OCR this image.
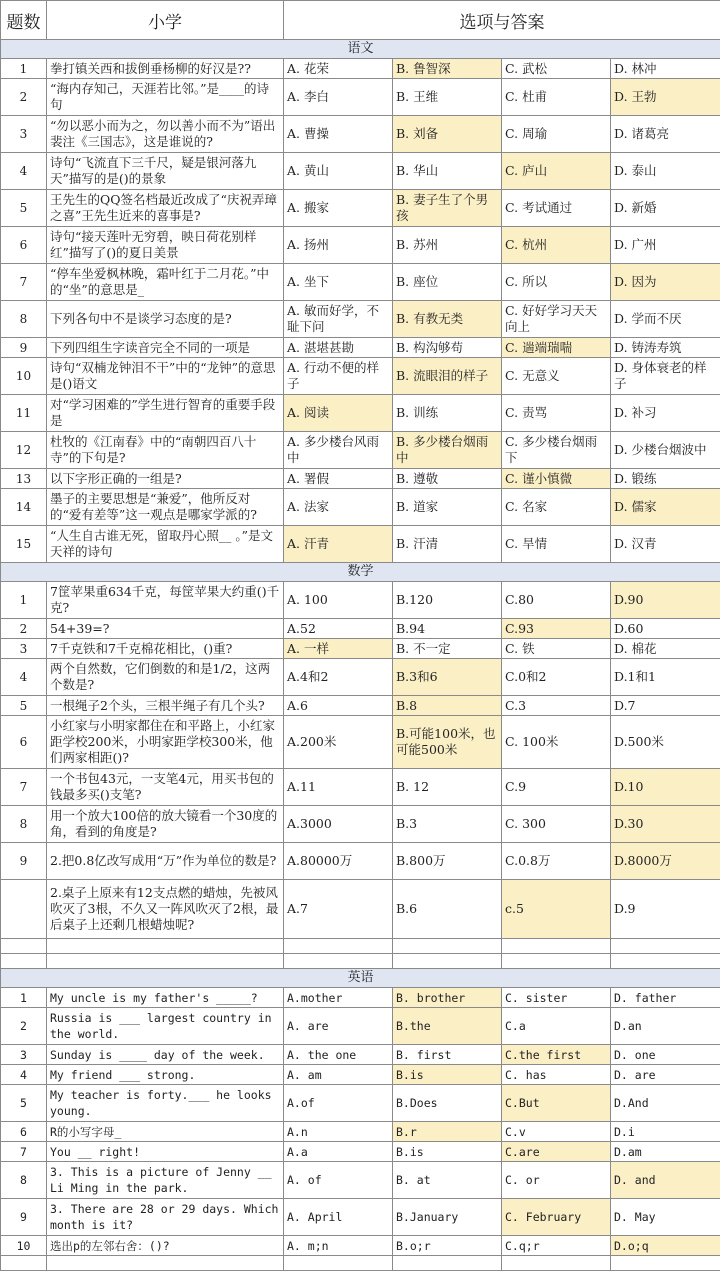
题数	小学	选项与答案			
语文					
1	拳打镇关西和拔倒垂杨柳的好汉是??	A. 花荣	B. 鲁智深	C. 武松	D. 林冲
2	“海内存知己，天涯若比邻。”是____的诗句	A. 李白	B. 王维	C. 杜甫	D. 王勃
3	“勿以恶小而为之，勿以善小而不为”语出裴注《三国志》，这是谁说的?	A. 曹操	B. 刘备	C. 周瑜	D. 诸葛亮
4	诗句“飞流直下三千尺，疑是银河落九天”描写的是()的景象	A. 黄山	B. 华山	C. 庐山	D. 泰山
5	王先生的QQ签名档最近改成了“庆祝弄璋之喜”王先生近来的喜事是?	A. 搬家	B. 妻子生了个男孩	C. 考试通过	D. 新婚
6	诗句“接天莲叶无穷碧，映日荷花别样红”描写了()的夏日美景	A. 扬州	B. 苏州	C. 杭州	D. 广州
7	“停车坐爱枫林晚，霜叶红于二月花。”中的“坐”的意思是_	A. 坐下	B. 座位	C. 所以	D. 因为
8	下列各句中不是谈学习态度的是?	A. 敏而好学，不耻下问	B. 有教无类	C. 好好学习天天向上	D. 学而不厌
9	下列四组生字读音完全不同的一项是	A. 湛堪甚勘	B. 构沟够苟	C. 遄端瑞喘	D. 铸涛寿筑
10	诗句“双楠龙钟泪不干”中的“龙钟”的意思是()语文	A. 行动不便的样子	B. 流眼泪的样子	C. 无意义	D. 身体衰老的样子
11	对“学习困难的”学生进行智育的重要手段是	A. 阅读	B. 训练	C. 责骂	D. 补习
12	杜牧的《江南春》中的“南朝四百八十寺”的下句是?	A. 多少楼台风雨中	B. 多少楼台烟雨中	C. 多少楼台烟雨下	D. 少楼台烟波中
13	以下字形正确的一组是?	A. 署假	B. 遵敬	C. 谨小慎微	D. 锻练
14	墨子的主要思想是“兼爱”，他所反对的“爱有差等”这一观点是哪家学派的?	A. 法家	B. 道家	C. 名家	D. 儒家
15	“人生自古谁无死，留取丹心照__ 。”是文天祥的诗句	A. 汗青	B. 汗清	C. 旱情	D. 汉青
数学					
1	7筐苹果重634千克，每筐苹果大约重()千克?	A. 100	B.120	C.80	D.90
2	54+39=?	A.52	B.94	C.93	D.60
3	7千克铁和7千克棉花相比，()重?	A. 一样	B. 不一定	C. 铁	D. 棉花
4	两个自然数，它们倒数的和是1/2，这两个数是?	A.4和2	B.3和6	C.0和2	D.1和1
5	一根绳子2个头，三根半绳子有几个头?	A.6	B.8	C.3	D.7
6	小红家与小明家都住在和平路上，小红家距学校200米，小明家距学校300米，他们两家相距()?	A.200米	B.可能100米，也可能500米	C. 100米	D.500米
7	一个书包43元，一支笔4元，用买书包的钱最多买()支笔?	A.11	B. 12	C.9	D.10
8	用一个放大100倍的放大镜看一个30度的角，看到的角度是?	A.3000	B.3	C. 300	D.30
9	2.把0.8亿改写成用“万”作为单位的数是?	A.80000万	B.800万	C.0.8万	D.8000万
	2.桌子上原来有12支点燃的蜡烛，先被风吹灭了3根，不久又一阵风吹灭了2根，最后桌子上还剩几根蜡烛呢?	A.7	B.6	c.5	D.9

英语					
1	My uncle is my father's _____?	A.mother	B. brother	C. sister	D. father
2	Russia is ___ largest country in the world.	A. are	B.the	C.a	D.an
3	Sunday is ____ day of the week.	A. the one	B. first	C.the first	D. one
4	My friend ___ strong.	A. am	B.is	C. has	D. are
5	My teacher is forty.___ he looks young.	A.of	B.Does	C.But	D.And
6	R的小写字母_	A.n	B.r	C.v	D.i
7	You __ right!	A.a	B.is	C.are	D.am
8	3. This is a picture of Jenny __ Li Ming in the park.	A. of	B. at	C. or	D. and
9	3. There are 28 or 29 days. Which month is it?	A. April	B.January	C. February	D. May
10	选出p的左邻右舍：()?	A. m;n	B.o;r	C.q;r	D.o;q
